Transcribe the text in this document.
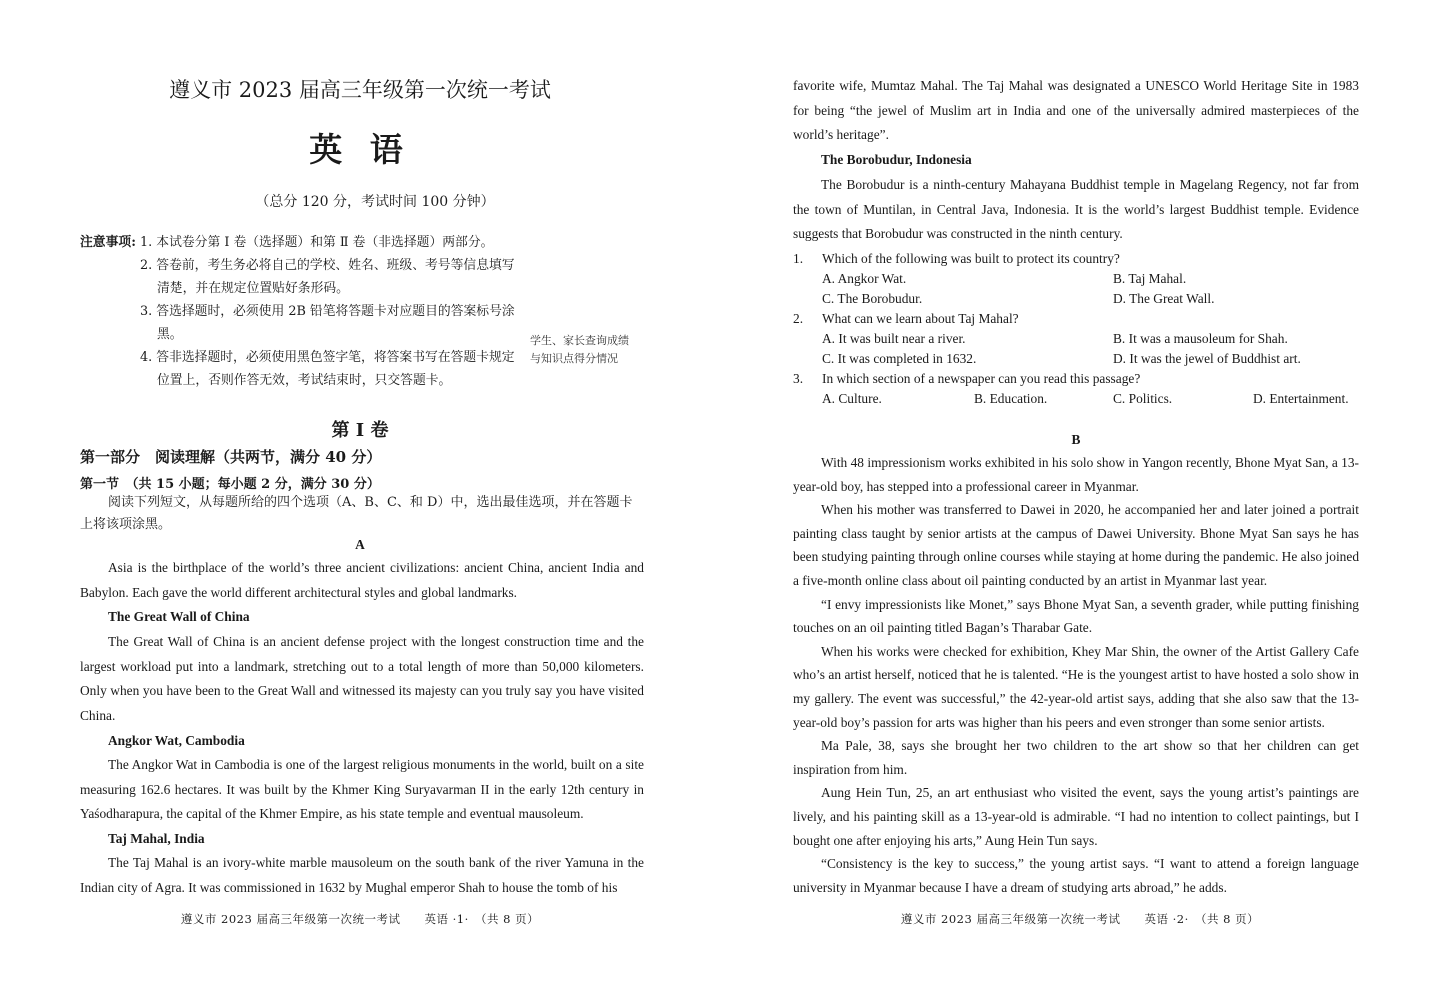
遵义市 2023 届高三年级第一次统一考试
英 语
（总分 120 分，考试时间 100 分钟）
注意事项: 1. 本试卷分第 Ⅰ 卷（选择题）和第 Ⅱ 卷（非选择题）两部分。
2. 答卷前，考生务必将自己的学校、姓名、班级、考号等信息填写清楚，并在规定位置贴好条形码。
3. 答选择题时，必须使用 2B 铅笔将答题卡对应题目的答案标号涂黑。
4. 答非选择题时，必须使用黑色签字笔，将答案书写在答题卡规定位置上，否则作答无效，考试结束时，只交答题卡。
学生、家长查询成绩与知识点得分情况
第 Ⅰ 卷
第一部分　阅读理解（共两节，满分 40 分）
第一节　（共 15 小题；每小题 2 分，满分 30 分）
阅读下列短文，从每题所给的四个选项（A、B、C、和 D）中，选出最佳选项，并在答题卡上将该项涂黑。
A

Asia is the birthplace of the world’s three ancient civilizations: ancient China, ancient India and Babylon. Each gave the world different architectural styles and global landmarks.

The Great Wall of China

The Great Wall of China is an ancient defense project with the longest construction time and the largest workload put into a landmark, stretching out to a total length of more than 50,000 kilometers. Only when you have been to the Great Wall and witnessed its majesty can you truly say you have visited China.

Angkor Wat, Cambodia

The Angkor Wat in Cambodia is one of the largest religious monuments in the world, built on a site measuring 162.6 hectares. It was built by the Khmer King Suryavarman II in the early 12th century in Yaśodharapura, the capital of the Khmer Empire, as his state temple and eventual mausoleum.

Taj Mahal, India

The Taj Mahal is an ivory-white marble mausoleum on the south bank of the river Yamuna in the Indian city of Agra. It was commissioned in 1632 by Mughal emperor Shah to house the tomb of his

遵义市 2023 届高三年级第一次统一考试　　英语 ·1·　（共 8 页）

favorite wife, Mumtaz Mahal. The Taj Mahal was designated a UNESCO World Heritage Site in 1983 for being “the jewel of Muslim art in India and one of the universally admired masterpieces of the world’s heritage”.

The Borobudur, Indonesia

The Borobudur is a ninth-century Mahayana Buddhist temple in Magelang Regency, not far from the town of Muntilan, in Central Java, Indonesia. It is the world’s largest Buddhist temple. Evidence suggests that Borobudur was constructed in the ninth century.

1. Which of the following was built to protect its country?
A. Angkor Wat.	B. Taj Mahal.
C. The Borobudur.	D. The Great Wall.
2. What can we learn about Taj Mahal?
A. It was built near a river.	B. It was a mausoleum for Shah.
C. It was completed in 1632.	D. It was the jewel of Buddhist art.
3. In which section of a newspaper can you read this passage?
A. Culture.	B. Education.	C. Politics.	D. Entertainment.
B

With 48 impressionism works exhibited in his solo show in Yangon recently, Bhone Myat San, a 13-year-old boy, has stepped into a professional career in Myanmar.

When his mother was transferred to Dawei in 2020, he accompanied her and later joined a portrait painting class taught by senior artists at the campus of Dawei University. Bhone Myat San says he has been studying painting through online courses while staying at home during the pandemic. He also joined a five-month online class about oil painting conducted by an artist in Myanmar last year.

“I envy impressionists like Monet,” says Bhone Myat San, a seventh grader, while putting finishing touches on an oil painting titled Bagan’s Tharabar Gate.

When his works were checked for exhibition, Khey Mar Shin, the owner of the Artist Gallery Cafe who’s an artist herself, noticed that he is talented. “He is the youngest artist to have hosted a solo show in my gallery. The event was successful,” the 42-year-old artist says, adding that she also saw that the 13-year-old boy’s passion for arts was higher than his peers and even stronger than some senior artists.

Ma Pale, 38, says she brought her two children to the art show so that her children can get inspiration from him.

Aung Hein Tun, 25, an art enthusiast who visited the event, says the young artist’s paintings are lively, and his painting skill as a 13-year-old is admirable. “I had no intention to collect paintings, but I bought one after enjoying his arts,” Aung Hein Tun says.

“Consistency is the key to success,” the young artist says. “I want to attend a foreign language university in Myanmar because I have a dream of studying arts abroad,” he adds.

遵义市 2023 届高三年级第一次统一考试　　英语 ·2·　（共 8 页）
